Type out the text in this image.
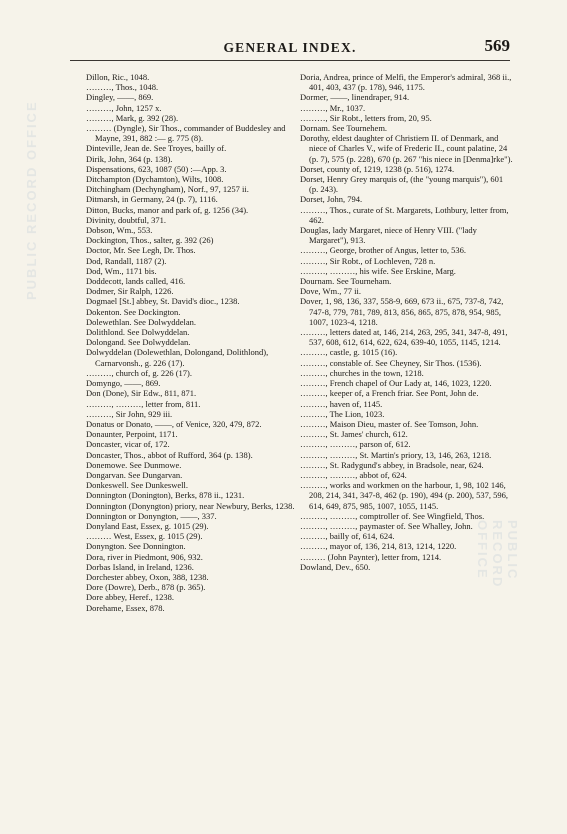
GENERAL INDEX.	569
PUBLIC RECORD OFFICE
PUBLIC RECORD OFFICE
Dillon, Ric., 1048.
………, Thos., 1048.
Dingley, ——, 869.
………, John, 1257 x.
………, Mark, g. 392 (28).
……… (Dyngle), Sir Thos., commander of Buddesley and Mayne, 391, 882 :— g. 775 (8).
Dinteville, Jean de. See Troyes, bailly of.
Dirik, John, 364 (p. 138).
Dispensations, 623, 1087 (50) :—App. 3.
Ditchampton (Dychamton), Wilts, 1008.
Ditchingham (Dechyngham), Norf., 97, 1257 ii.
Ditmarsh, in Germany, 24 (p. 7), 1116.
Ditton, Bucks, manor and park of, g. 1256 (34).
Divinity, doubtful, 371.
Dobson, Wm., 553.
Dockington, Thos., salter, g. 392 (26)
Doctor, Mr. See Legh, Dr. Thos.
Dod, Randall, 1187 (2).
Dod, Wm., 1171 bis.
Doddecott, lands called, 416.
Dodmer, Sir Ralph, 1226.
Dogmael [St.] abbey, St. David's dioc., 1238.
Dokenton. See Dockington.
Dolewethlan. See Dolwyddelan.
Dolithlond. See Dolwyddelan.
Dolongand. See Dolwyddelan.
Dolwyddelan (Dolewethlan, Dolongand, Dolithlond), Carnarvonsh., g. 226 (17).
………, church of, g. 226 (17).
Domyngo, ——, 869.
Don (Done), Sir Edw., 811, 871.
………, ………, letter from, 811.
………, Sir John, 929 iii.
Donatus or Donato, ——, of Venice, 320, 479, 872.
Donaunter, Perpoint, 1171.
Doncaster, vicar of, 172.
Doncaster, Thos., abbot of Rufford, 364 (p. 138).
Donemowe. See Dunmowe.
Dongarvan. See Dungarvan.
Donkeswell. See Dunkeswell.
Donnington (Donington), Berks, 878 ii., 1231.
Donnington (Donyngton) priory, near Newbury, Berks, 1238.
Donnington or Donyngton, ——, 337.
Donyland East, Essex, g. 1015 (29).
……… West, Essex, g. 1015 (29).
Donyngton. See Donnington.
Dora, river in Piedmont, 906, 932.
Dorbas Island, in Ireland, 1236.
Dorchester abbey, Oxon, 388, 1238.
Dore (Dowre), Derb., 878 (p. 365).
Dore abbey, Heref., 1238.
Dorehame, Essex, 878.
Doria, Andrea, prince of Melfi, the Emperor's admiral, 368 ii., 401, 403, 437 (p. 178), 946, 1175.
Dormer, ——, linendraper, 914.
………, Mr., 1037.
………, Sir Robt., letters from, 20, 95.
Dornam. See Tournehem.
Dorothy, eldest daughter of Christiern II. of Denmark, and niece of Charles V., wife of Frederic II., count palatine, 24 (p. 7), 575 (p. 228), 670 (p. 267 "his niece in [Denma]rke").
Dorset, county of, 1219, 1238 (p. 516), 1274.
Dorset, Henry Grey marquis of, (the "young marquis"), 601 (p. 243).
Dorset, John, 794.
………, Thos., curate of St. Margarets, Lothbury, letter from, 462.
Douglas, lady Margaret, niece of Henry VIII. ("lady Margaret"), 913.
………, George, brother of Angus, letter to, 536.
………, Sir Robt., of Lochleven, 728 n.
………, ………, his wife. See Erskine, Marg.
Dournam. See Tourneham.
Dove, Wm., 77 ii.
Dover, 1, 98, 136, 337, 558-9, 669, 673 ii., 675, 737-8, 742, 747-8, 779, 781, 789, 813, 856, 865, 875, 878, 954, 985, 1007, 1023-4, 1218.
………, letters dated at, 146, 214, 263, 295, 341, 347-8, 491, 537, 608, 612, 614, 622, 624, 639-40, 1055, 1145, 1214.
………, castle, g. 1015 (16).
………, constable of. See Cheyney, Sir Thos. (1536).
………, churches in the town, 1218.
………, French chapel of Our Lady at, 146, 1023, 1220.
………, keeper of, a French friar. See Pont, John de.
………, haven of, 1145.
………, The Lion, 1023.
………, Maison Dieu, master of. See Tomson, John.
………, St. James' church, 612.
………, ………, parson of, 612.
………, ………, St. Martin's priory, 13, 146, 263, 1218.
………, St. Radygund's abbey, in Bradsole, near, 624.
………, ………, abbot of, 624.
………, works and workmen on the harbour, 1, 98, 102 146, 208, 214, 341, 347-8, 462 (p. 190), 494 (p. 200), 537, 596, 614, 649, 875, 985, 1007, 1055, 1145.
………, ………, comptroller of. See Wingfield, Thos.
………, ………, paymaster of. See Whalley, John.
………, bailly of, 614, 624.
………, mayor of, 136, 214, 813, 1214, 1220.
……… (John Paynter), letter from, 1214.
Dowland, Dev., 650.
